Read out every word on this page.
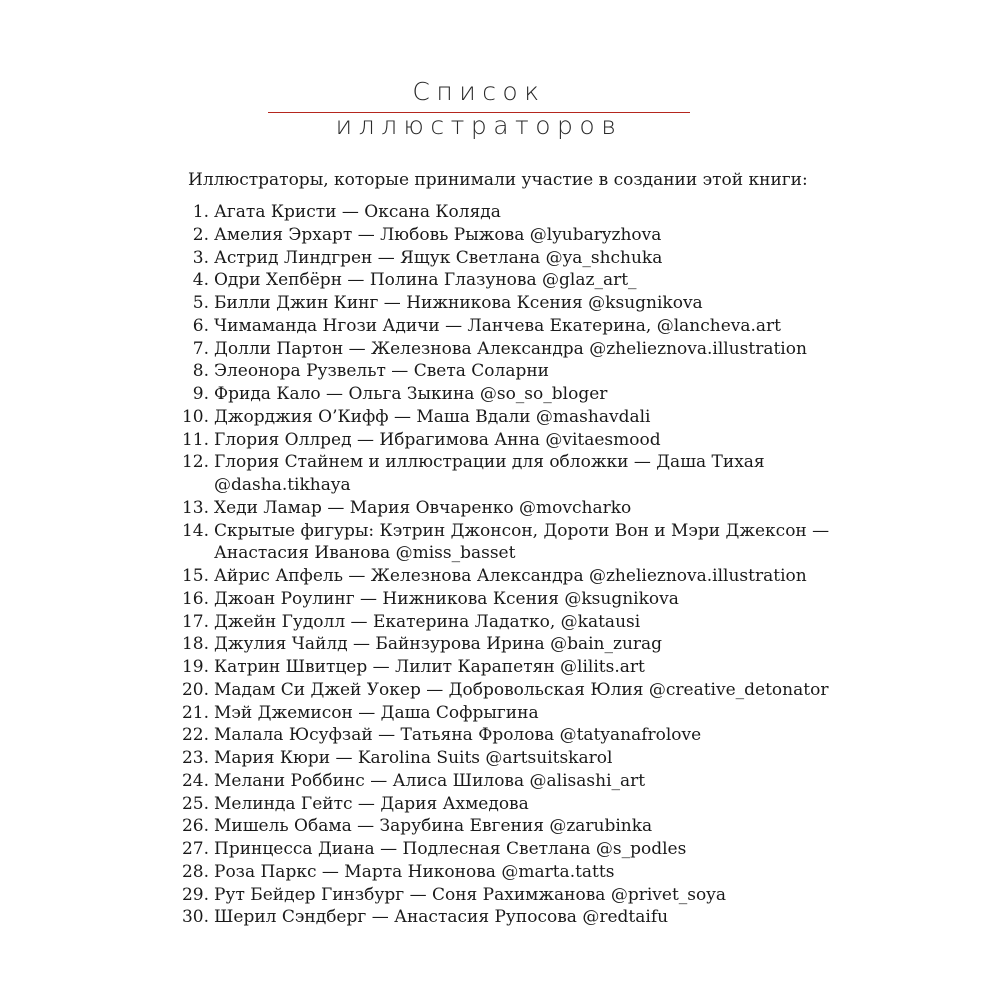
Список иллюстраторов

Иллюстраторы, которые принимали участие в создании этой книги:

1. Агата Кристи — Оксана Коляда
2. Амелия Эрхарт — Любовь Рыжова @lyubaryzhova
3. Астрид Линдгрен — Ящук Светлана @ya_shchuka
4. Одри Хепбёрн — Полина Глазунова @glaz_art_
5. Билли Джин Кинг — Нижникова Ксения @ksugnikova
6. Чимаманда Нгози Адичи — Ланчева Екатерина, @lancheva.art
7. Долли Партон — Железнова Александра @zhelieznova.illustration
8. Элеонора Рузвельт — Света Соларни
9. Фрида Кало — Ольга Зыкина @so_so_bloger
10. Джорджия О’Кифф — Маша Вдали @mashavdali
11. Глория Оллред — Ибрагимова Анна @vitaesmood
12. Глория Стайнем и иллюстрации для обложки — Даша Тихая @dasha.tikhaya
13. Хеди Ламар — Мария Овчаренко @movcharko
14. Скрытые фигуры: Кэтрин Джонсон, Дороти Вон и Мэри Джексон — Анастасия Иванова @miss_basset
15. Айрис Апфель — Железнова Александра @zhelieznova.illustration
16. Джоан Роулинг — Нижникова Ксения @ksugnikova
17. Джейн Гудолл — Екатерина Ладатко, @katausi
18. Джулия Чайлд — Байнзурова Ирина @bain_zurag
19. Катрин Швитцер — Лилит Карапетян @lilits.art
20. Мадам Си Джей Уокер — Добровольская Юлия @creative_detonator
21. Мэй Джемисон — Даша Софрыгина
22. Малала Юсуфзай — Татьяна Фролова @tatyanafrolove
23. Мария Кюри — Karolina Suits @artsuitskarol
24. Мелани Роббинс — Алиса Шилова @alisashi_art
25. Мелинда Гейтс — Дария Ахмедова
26. Мишель Обама — Зарубина Евгения @zarubinka
27. Принцесса Диана — Подлесная Светлана @s_podles
28. Роза Паркс — Марта Никонова @marta.tatts
29. Рут Бейдер Гинзбург — Соня Рахимжанова @privet_soya
30. Шерил Сэндберг — Анастасия Рупосова @redtaifu
